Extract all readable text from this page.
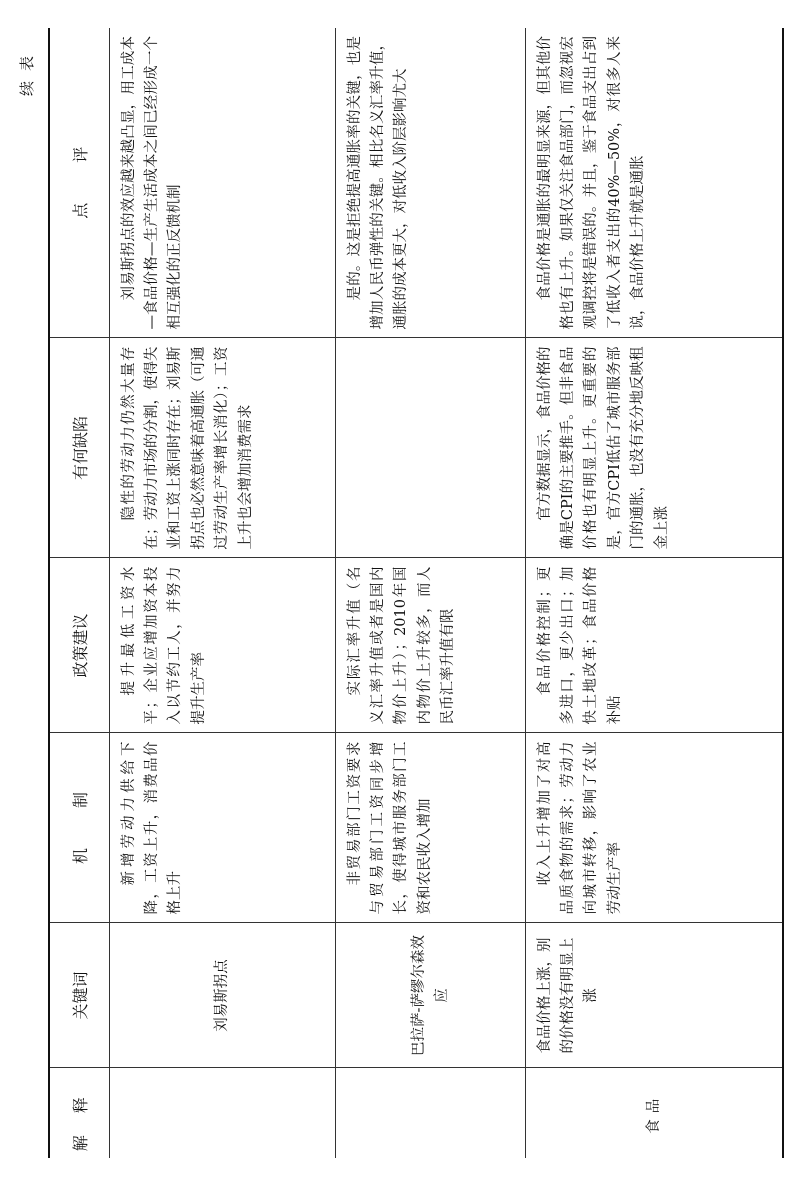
续表
解释	关键词	机制	政策建议	有何缺陷	点评
	刘易斯拐点	新增劳动力供给下降，工资上升，消费品价格上升	提升最低工资水平；企业应增加资本投入以节约工人，并努力提升生产率	隐性的劳动力仍然大量存在；劳动力市场的分割，使得失业和工资上涨同时存在；刘易斯拐点也必然意味着高通胀（可通过劳动生产率增长消化）；工资上升也会增加消费需求	刘易斯拐点的效应越来越凸显，用工成本—食品价格—生产生活成本之间已经形成一个相互强化的正反馈机制

	巴拉萨-萨缪尔森效应	非贸易部门工资要求与贸易部门工资同步增长，使得城市服务部门工资和农民收入增加	实际汇率升值（名义汇率升值或者是国内物价上升）；2010年国内物价上升较多，而人民币汇率升值有限		是的。这是拒绝提高通胀率的关键，也是增加人民币弹性的关键。相比名义汇率升值，通胀的成本更大，对低收入阶层影响尤大

食品	食品价格上涨，别的价格没有明显上涨	收入上升增加了对高品质食物的需求；劳动力向城市转移，影响了农业劳动生产率	食品价格控制；更多进口，更少出口；加快土地改革；食品价格补贴	官方数据显示，食品价格的确是CPI的主要推手。但非食品价格也有明显上升。更重要的是，官方CPI低估了城市服务部门的通胀，也没有充分地反映租金上涨	食品价格是通胀的最明显来源，但其他价格也有上升。如果仅关注食品部门，而忽视宏观调控将是错误的。并且，鉴于食品支出占到了低收入者支出的40%—50%，对很多人来说，食品价格上升就是通胀
